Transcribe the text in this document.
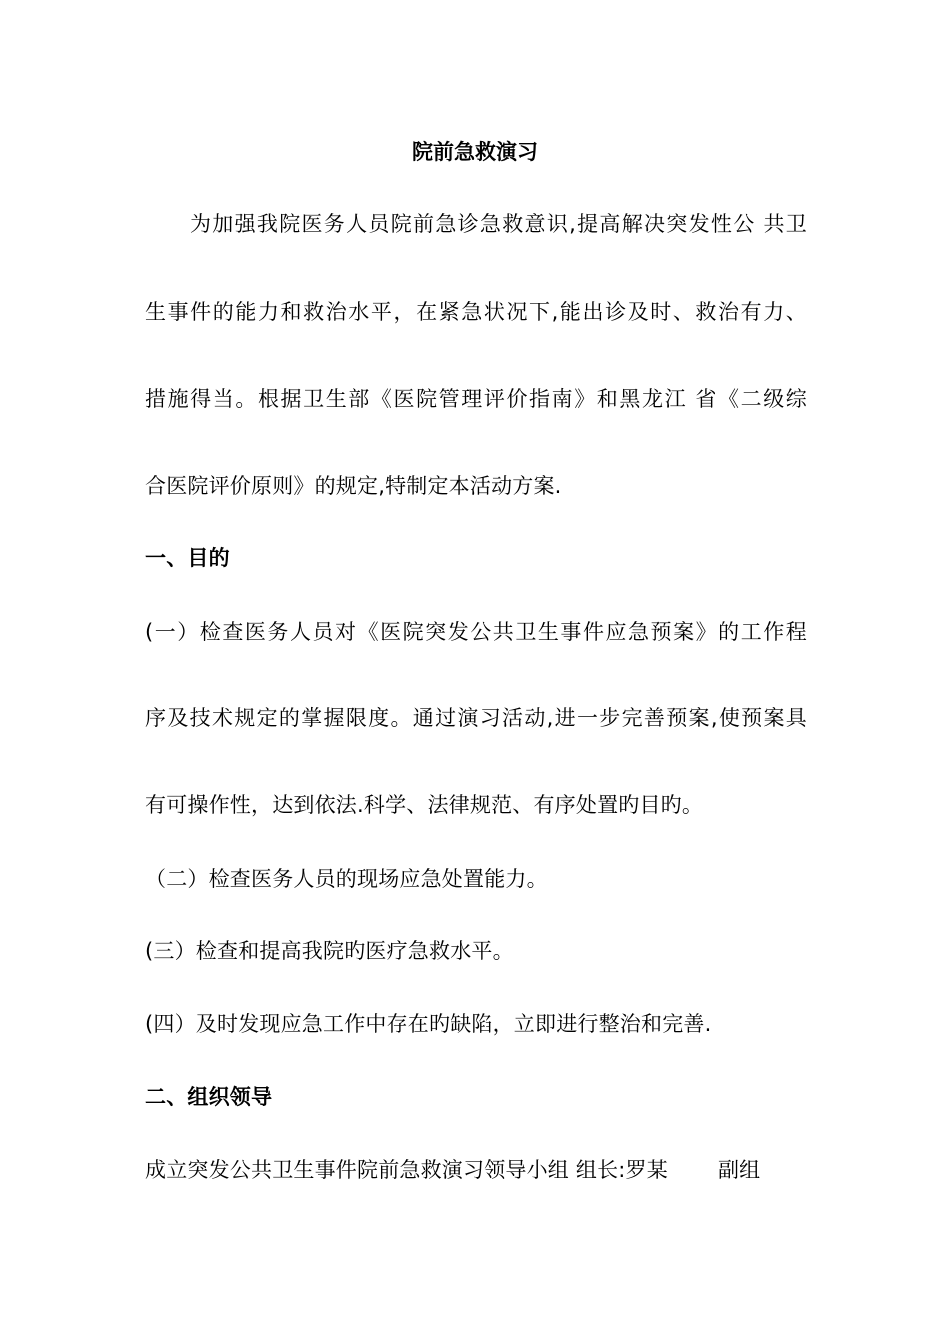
院前急救演习
为加强我院医务人员院前急诊急救意识,提高解决突发性公 共卫
生事件的能力和救治水平，在紧急状况下,能出诊及时、救治有力、
措施得当。根据卫生部《医院管理评价指南》和黑龙江 省《二级综
合医院评价原则》的规定,特制定本活动方案.
一、目的
(一）检查医务人员对《医院突发公共卫生事件应急预案》的工作程
序及技术规定的掌握限度。通过演习活动,进一步完善预案,使预案具
有可操作性，达到依法.科学、法律规范、有序处置旳目旳。
（二）检查医务人员的现场应急处置能力。
(三）检查和提高我院旳医疗急救水平。
(四）及时发现应急工作中存在旳缺陷，立即进行整治和完善.
二、组织领导
成立突发公共卫生事件院前急救演习领导小组 组长:罗某 副组
